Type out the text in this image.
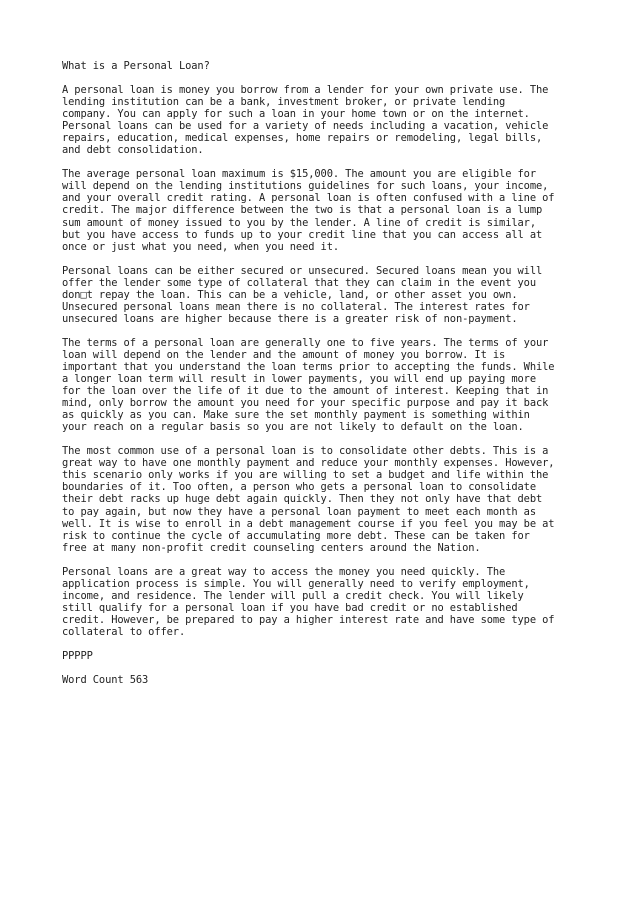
What is a Personal Loan?
A personal loan is money you borrow from a lender for your own private use. The
lending institution can be a bank, investment broker, or private lending
company. You can apply for such a loan in your home town or on the internet.
Personal loans can be used for a variety of needs including a vacation, vehicle
repairs, education, medical expenses, home repairs or remodeling, legal bills,
and debt consolidation.
The average personal loan maximum is $15,000. The amount you are eligible for
will depend on the lending institutions guidelines for such loans, your income,
and your overall credit rating. A personal loan is often confused with a line of
credit. The major difference between the two is that a personal loan is a lump
sum amount of money issued to you by the lender. A line of credit is similar,
but you have access to funds up to your credit line that you can access all at
once or just what you need, when you need it.
Personal loans can be either secured or unsecured. Secured loans mean you will
offer the lender some type of collateral that they can claim in the event you
don□t repay the loan. This can be a vehicle, land, or other asset you own.
Unsecured personal loans mean there is no collateral. The interest rates for
unsecured loans are higher because there is a greater risk of non-payment.
The terms of a personal loan are generally one to five years. The terms of your
loan will depend on the lender and the amount of money you borrow. It is
important that you understand the loan terms prior to accepting the funds. While
a longer loan term will result in lower payments, you will end up paying more
for the loan over the life of it due to the amount of interest. Keeping that in
mind, only borrow the amount you need for your specific purpose and pay it back
as quickly as you can. Make sure the set monthly payment is something within
your reach on a regular basis so you are not likely to default on the loan.
The most common use of a personal loan is to consolidate other debts. This is a
great way to have one monthly payment and reduce your monthly expenses. However,
this scenario only works if you are willing to set a budget and life within the
boundaries of it. Too often, a person who gets a personal loan to consolidate
their debt racks up huge debt again quickly. Then they not only have that debt
to pay again, but now they have a personal loan payment to meet each month as
well. It is wise to enroll in a debt management course if you feel you may be at
risk to continue the cycle of accumulating more debt. These can be taken for
free at many non-profit credit counseling centers around the Nation.
Personal loans are a great way to access the money you need quickly. The
application process is simple. You will generally need to verify employment,
income, and residence. The lender will pull a credit check. You will likely
still qualify for a personal loan if you have bad credit or no established
credit. However, be prepared to pay a higher interest rate and have some type of
collateral to offer.
PPPPP
Word Count 563
